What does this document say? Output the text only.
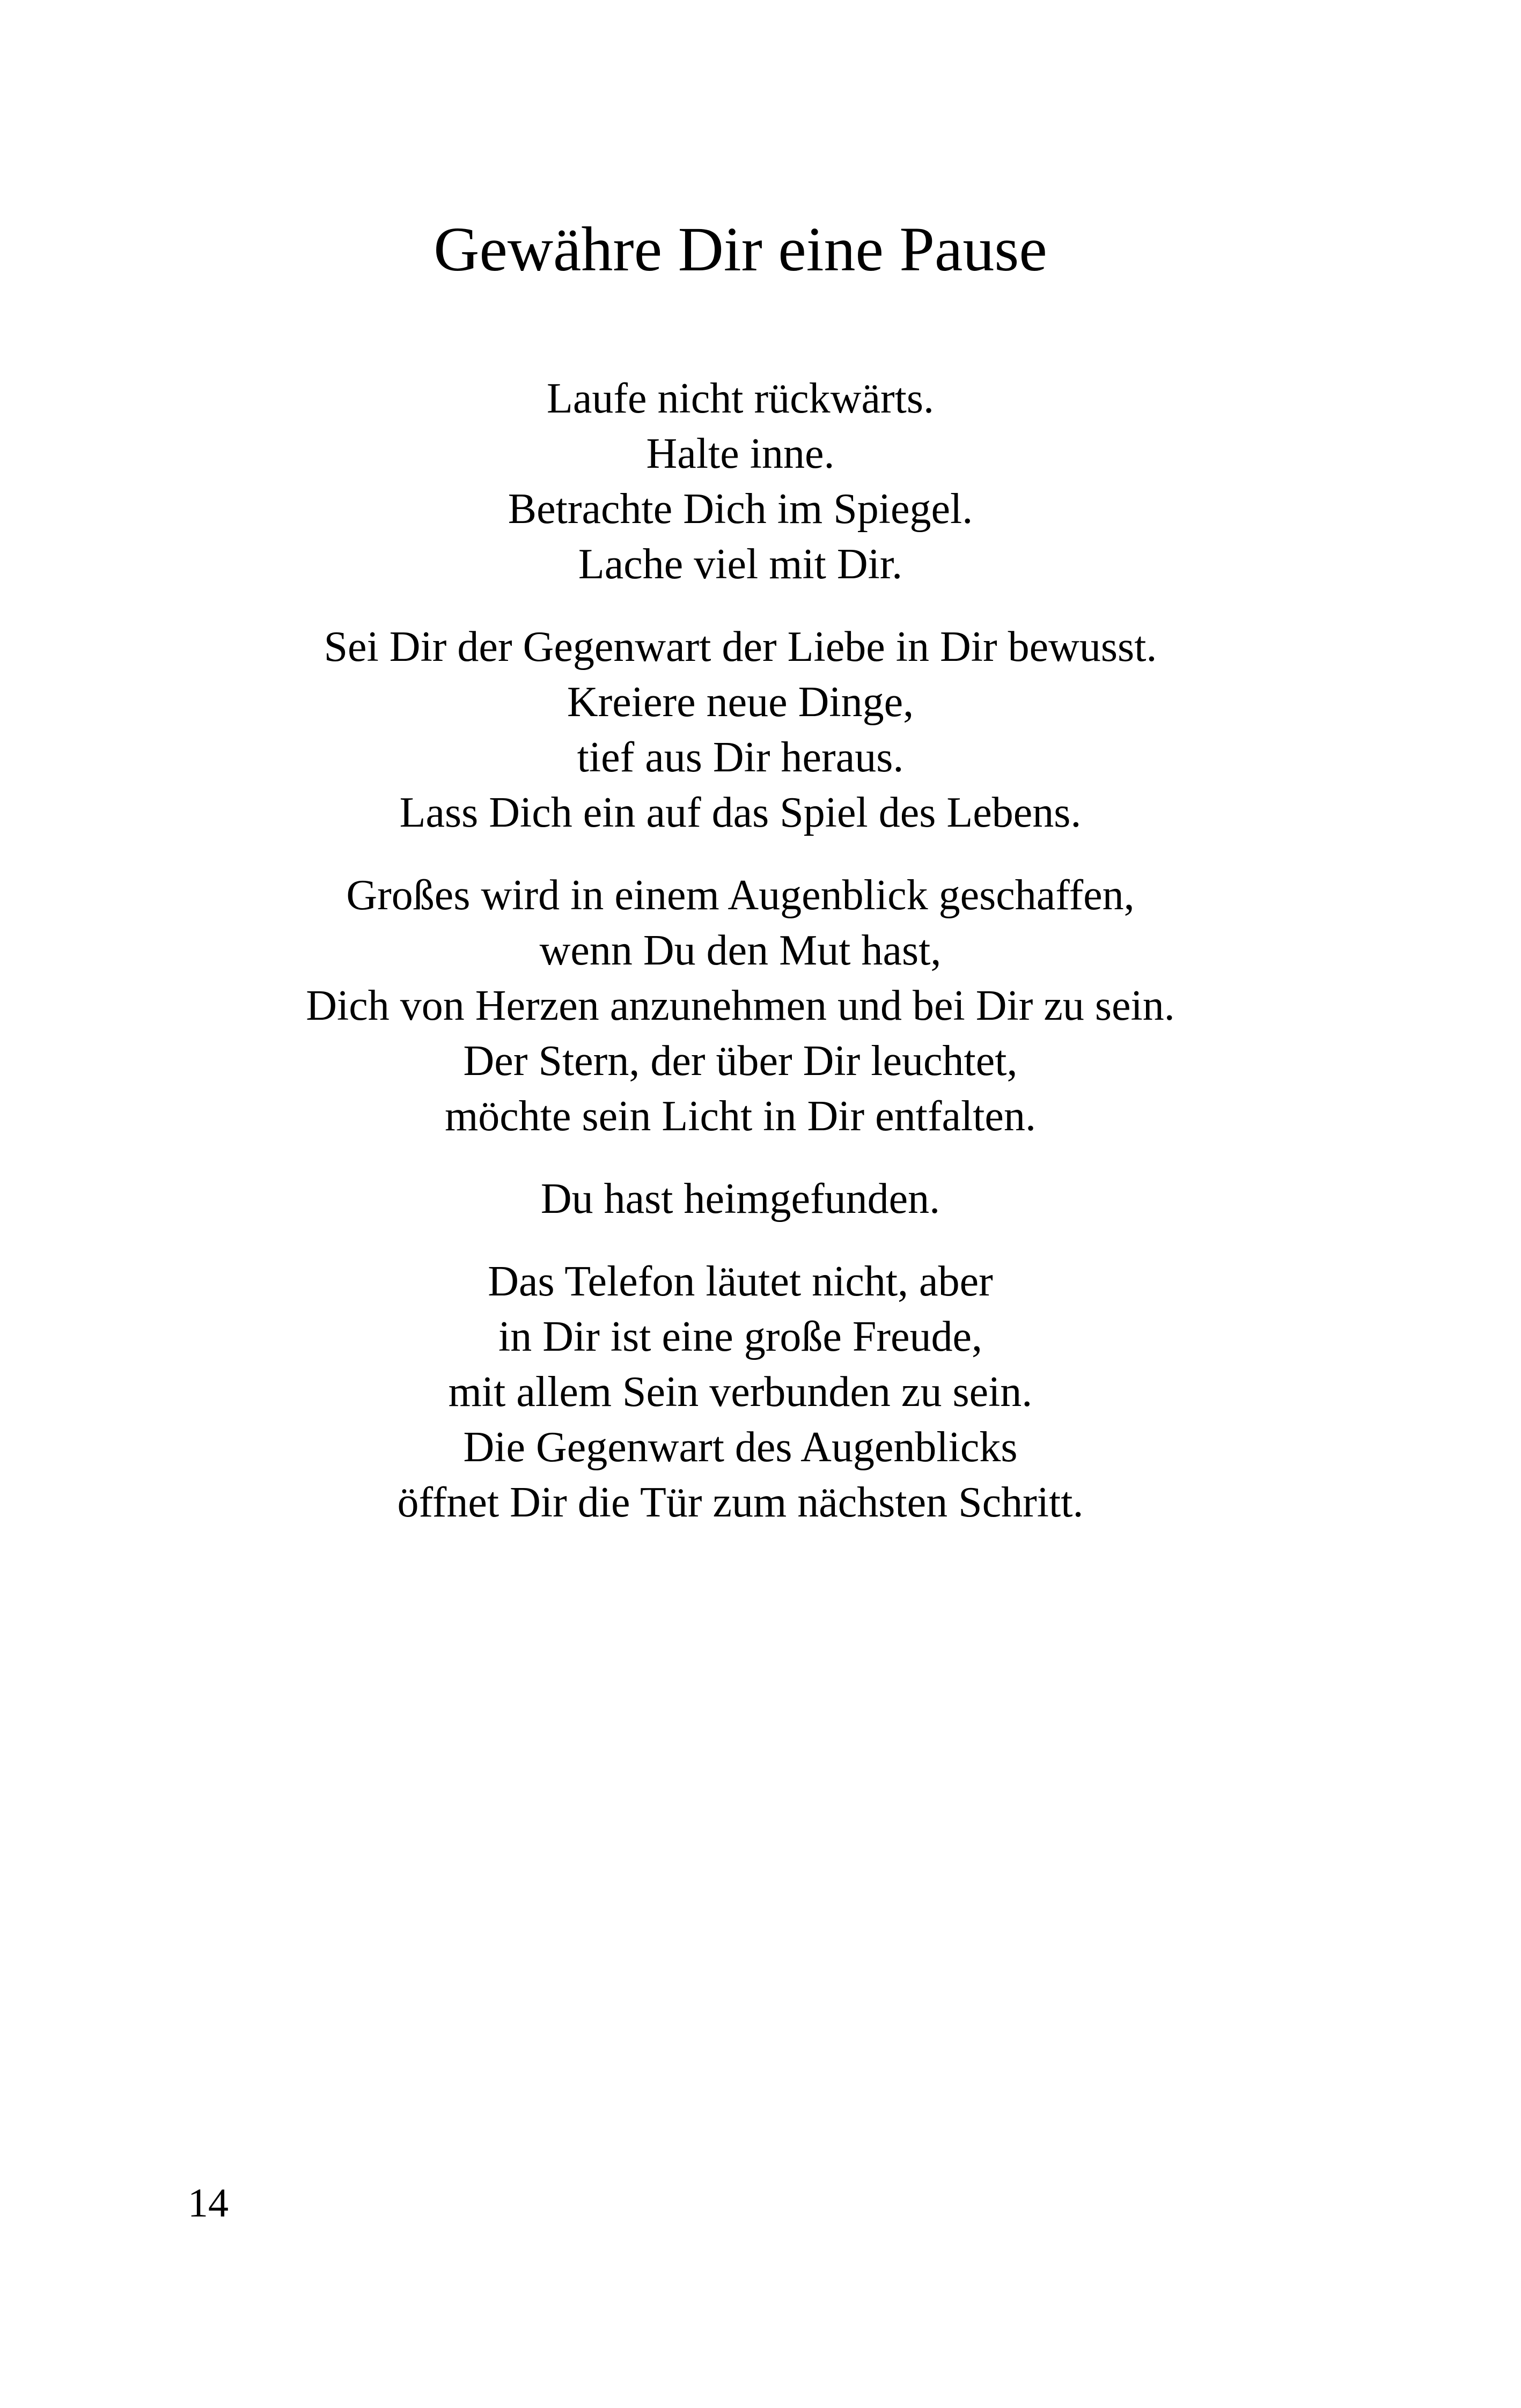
Gewähre Dir eine Pause
Laufe nicht rückwärts.
Halte inne.
Betrachte Dich im Spiegel.
Lache viel mit Dir.
Sei Dir der Gegenwart der Liebe in Dir bewusst.
Kreiere neue Dinge,
tief aus Dir heraus.
Lass Dich ein auf das Spiel des Lebens.
Großes wird in einem Augenblick geschaffen,
wenn Du den Mut hast,
Dich von Herzen anzunehmen und bei Dir zu sein.
Der Stern, der über Dir leuchtet,
möchte sein Licht in Dir entfalten.
Du hast heimgefunden.
Das Telefon läutet nicht, aber
in Dir ist eine große Freude,
mit allem Sein verbunden zu sein.
Die Gegenwart des Augenblicks
öffnet Dir die Tür zum nächsten Schritt.
14
